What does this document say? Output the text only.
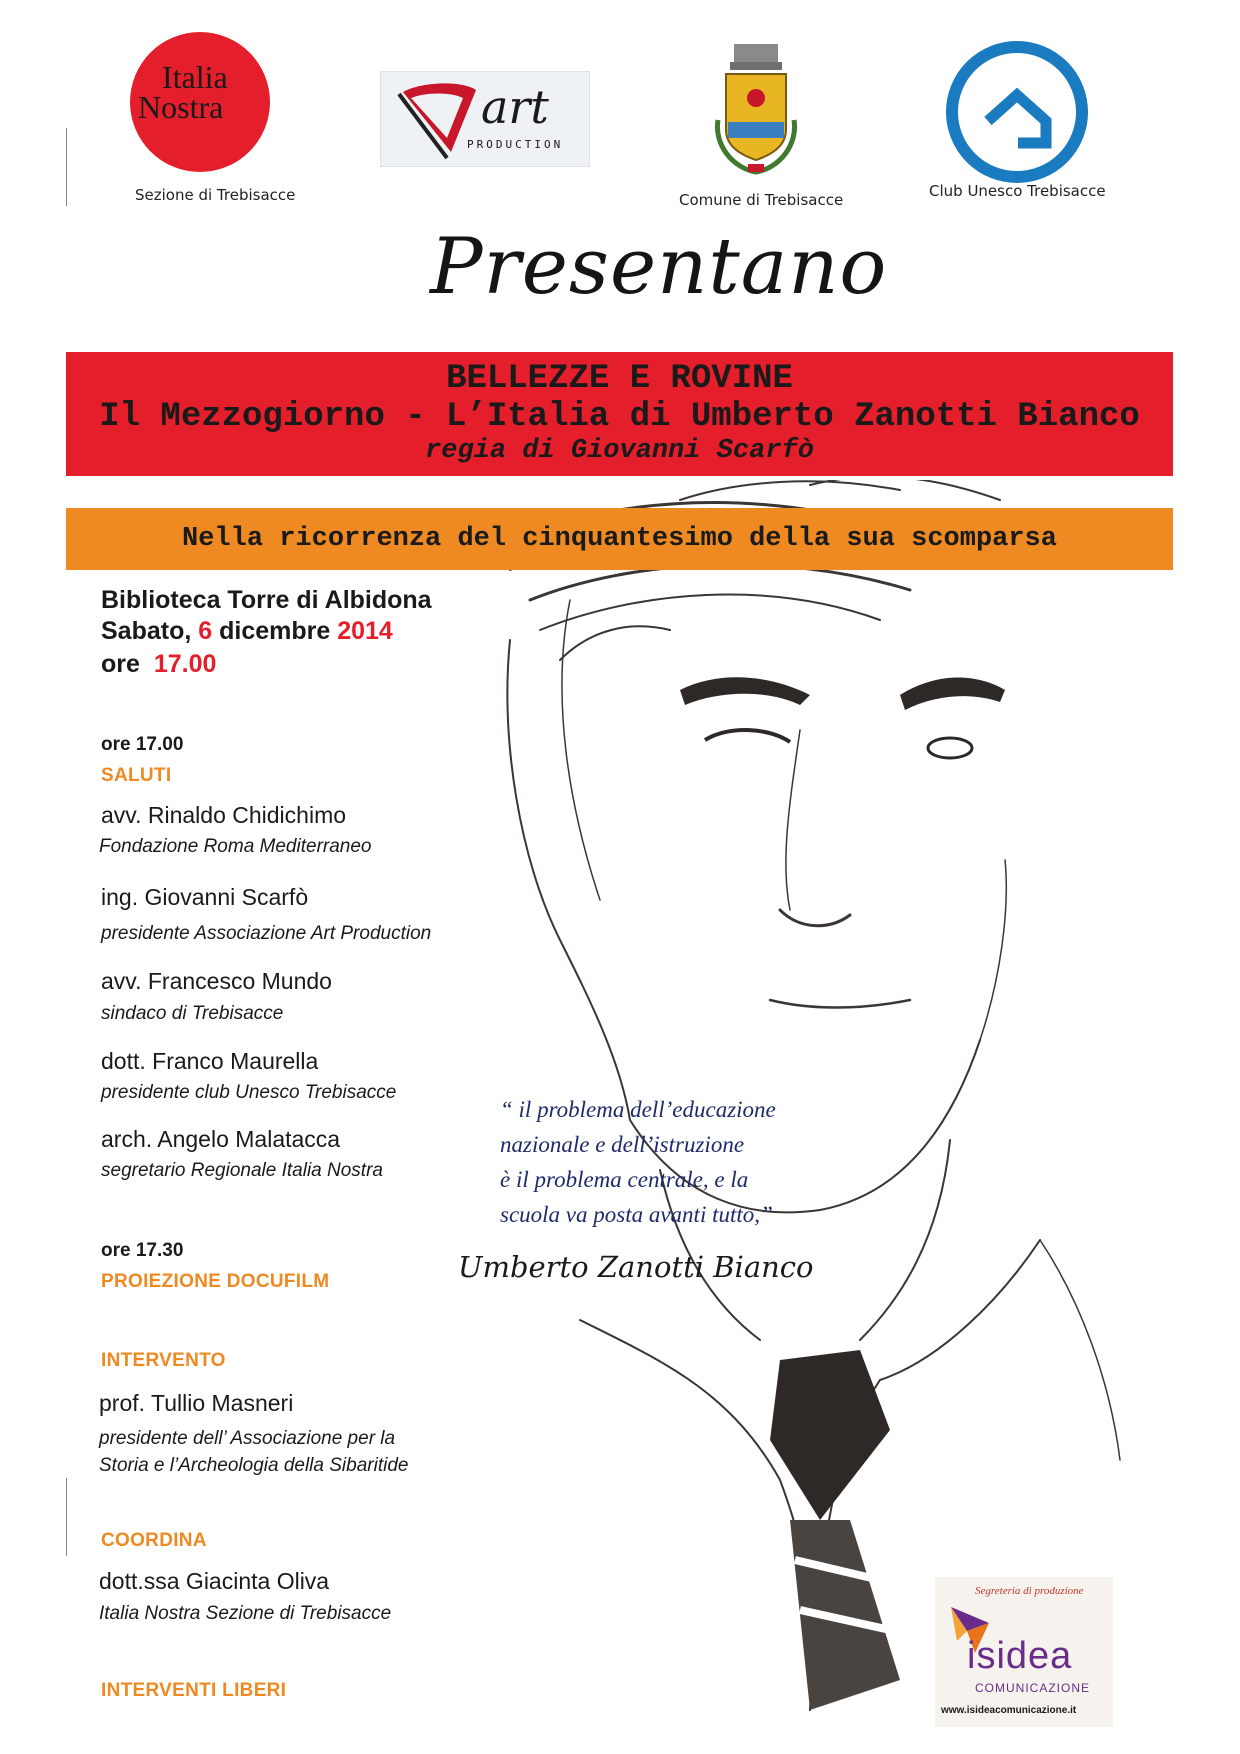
Italia
Nostra
Sezione di Trebisacce
art
PRODUCTION
Comune di Trebisacce	Club Unesco Trebisacce
Presentano
BELLEZZE E ROVINE
Il Mezzogiorno - L’Italia di Umberto Zanotti Bianco
regia di Giovanni Scarfò
Nella ricorrenza del cinquantesimo della sua scomparsa
Biblioteca Torre di Albidona
Sabato, 6 dicembre 2014
ore 17.00
ore 17.00
SALUTI
avv. Rinaldo Chidichimo
Fondazione Roma Mediterraneo
ing. Giovanni Scarfò
presidente Associazione Art Production
avv. Francesco Mundo
sindaco di Trebisacce
dott. Franco Maurella
presidente club Unesco Trebisacce
arch. Angelo Malatacca
segretario Regionale Italia Nostra
ore 17.30
PROIEZIONE DOCUFILM
INTERVENTO
prof. Tullio Masneri
presidente dell’ Associazione per la
Storia e l’Archeologia della Sibaritide
COORDINA
dott.ssa Giacinta Oliva
Italia Nostra Sezione di Trebisacce
INTERVENTI LIBERI
“ il problema dell’educazione
nazionale e dell’istruzione
è il problema centrale, e la
scuola va posta avanti tutto,”
Umberto Zanotti Bianco
Segreteria di produzione
isidea
COMUNICAZIONE
www.isideacomunicazione.it
